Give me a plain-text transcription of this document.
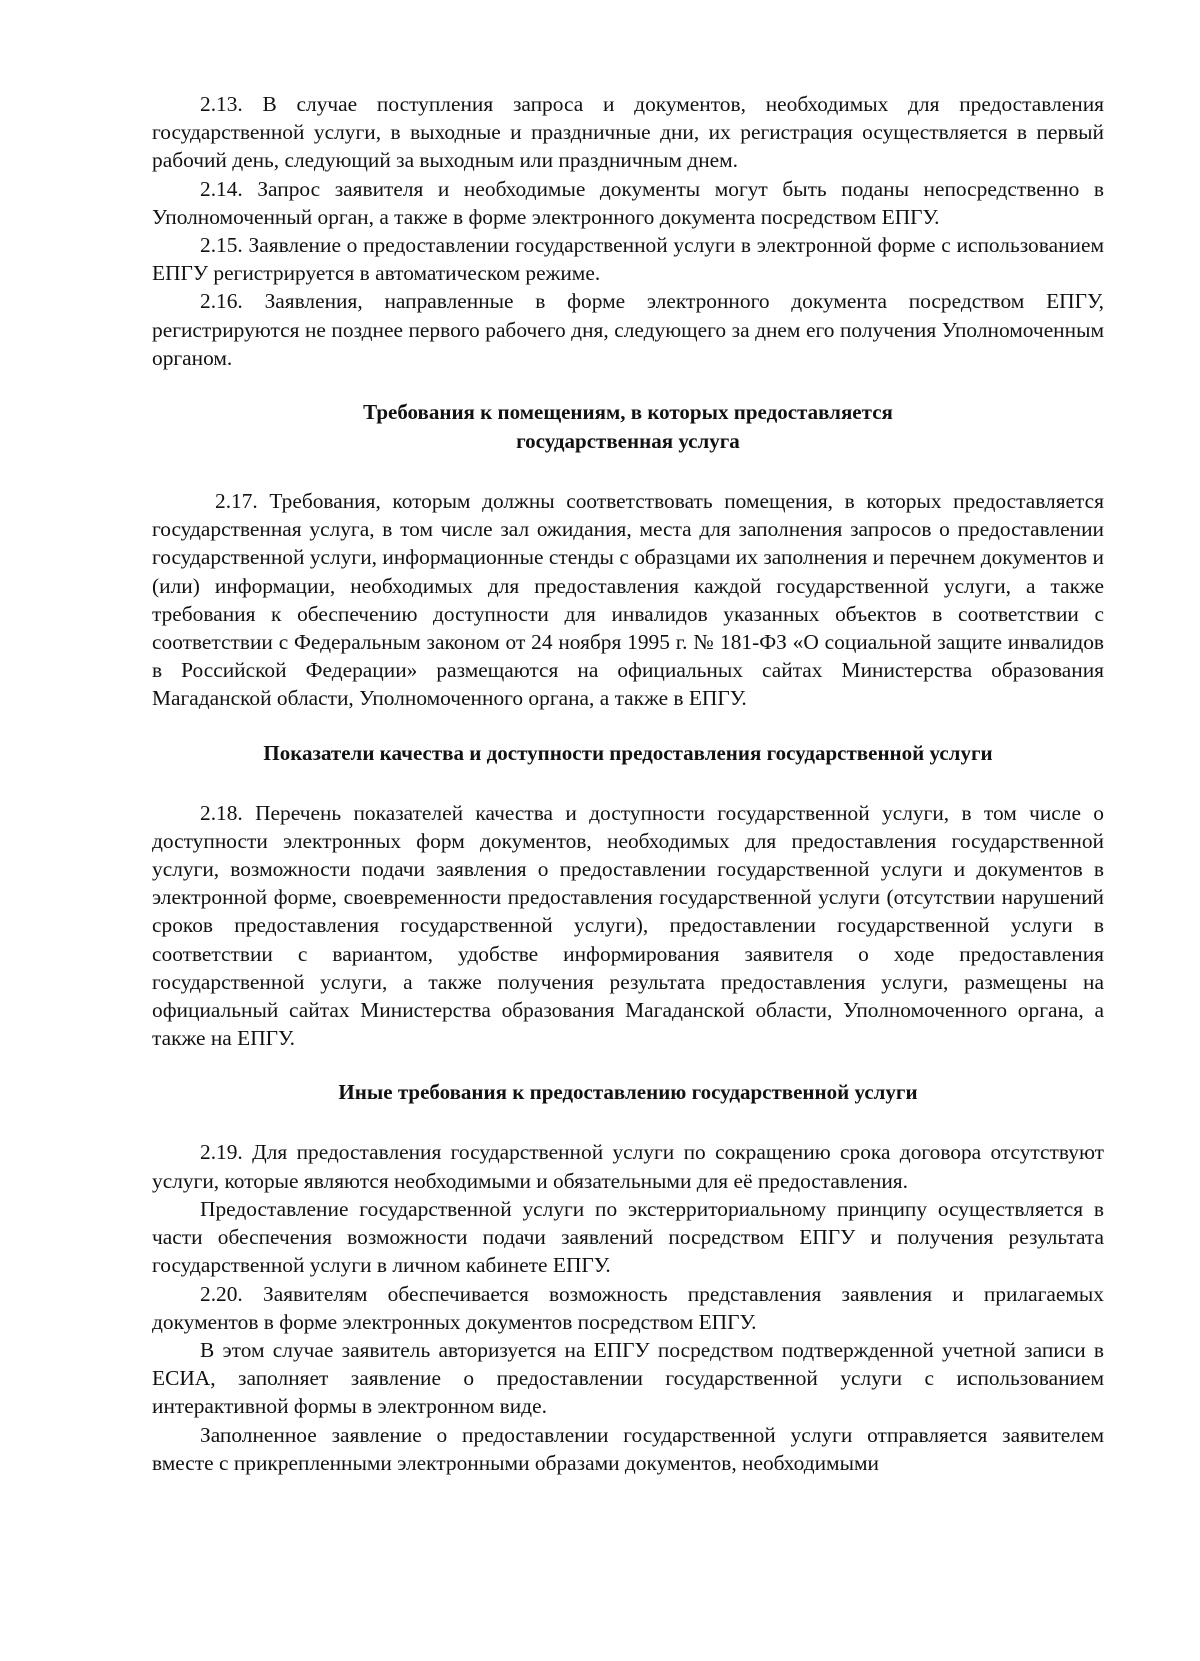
2.13. В случае поступления запроса и документов, необходимых для предоставления государственной услуги, в выходные и праздничные дни, их регистрация осуществляется в первый рабочий день, следующий за выходным или праздничным днем.

2.14. Запрос заявителя и необходимые документы могут быть поданы непосредственно в Уполномоченный орган, а также в форме электронного документа посредством ЕПГУ.

2.15. Заявление о предоставлении государственной услуги в электронной форме с использованием ЕПГУ регистрируется в автоматическом режиме.

2.16. Заявления, направленные в форме электронного документа посредством ЕПГУ, регистрируются не позднее первого рабочего дня, следующего за днем его получения Уполномоченным органом.

Требования к помещениям, в которых предоставляется
государственная услуга

2.17. Требования, которым должны соответствовать помещения, в которых предоставляется государственная услуга, в том числе зал ожидания, места для заполнения запросов о предоставлении государственной услуги, информационные стенды с образцами их заполнения и перечнем документов и (или) информации, необходимых для предоставления каждой государственной услуги, а также требования к обеспечению доступности для инвалидов указанных объектов в соответствии с соответствии с Федеральным законом от 24 ноября 1995 г. № 181-ФЗ «О социальной защите инвалидов в Российской Федерации» размещаются на официальных сайтах Министерства образования Магаданской области, Уполномоченного органа, а также в ЕПГУ.

Показатели качества и доступности предоставления государственной услуги

2.18. Перечень показателей качества и доступности государственной услуги, в том числе о доступности электронных форм документов, необходимых для предоставления государственной услуги, возможности подачи заявления о предоставлении государственной услуги и документов в электронной форме, своевременности предоставления государственной услуги (отсутствии нарушений сроков предоставления государственной услуги), предоставлении государственной услуги в соответствии с вариантом, удобстве информирования заявителя о ходе предоставления государственной услуги, а также получения результата предоставления услуги, размещены на официальный сайтах Министерства образования Магаданской области, Уполномоченного органа, а также на ЕПГУ.

Иные требования к предоставлению государственной услуги

2.19. Для предоставления государственной услуги по сокращению срока договора отсутствуют услуги, которые являются необходимыми и обязательными для её предоставления.

Предоставление государственной услуги по экстерриториальному принципу осуществляется в части обеспечения возможности подачи заявлений посредством ЕПГУ и получения результата государственной услуги в личном кабинете ЕПГУ.

2.20. Заявителям обеспечивается возможность представления заявления и прилагаемых документов в форме электронных документов посредством ЕПГУ.

В этом случае заявитель авторизуется на ЕПГУ посредством подтвержденной учетной записи в ЕСИА, заполняет заявление о предоставлении государственной услуги с использованием интерактивной формы в электронном виде.

Заполненное заявление о предоставлении государственной услуги отправляется заявителем вместе с прикрепленными электронными образами документов, необходимыми
